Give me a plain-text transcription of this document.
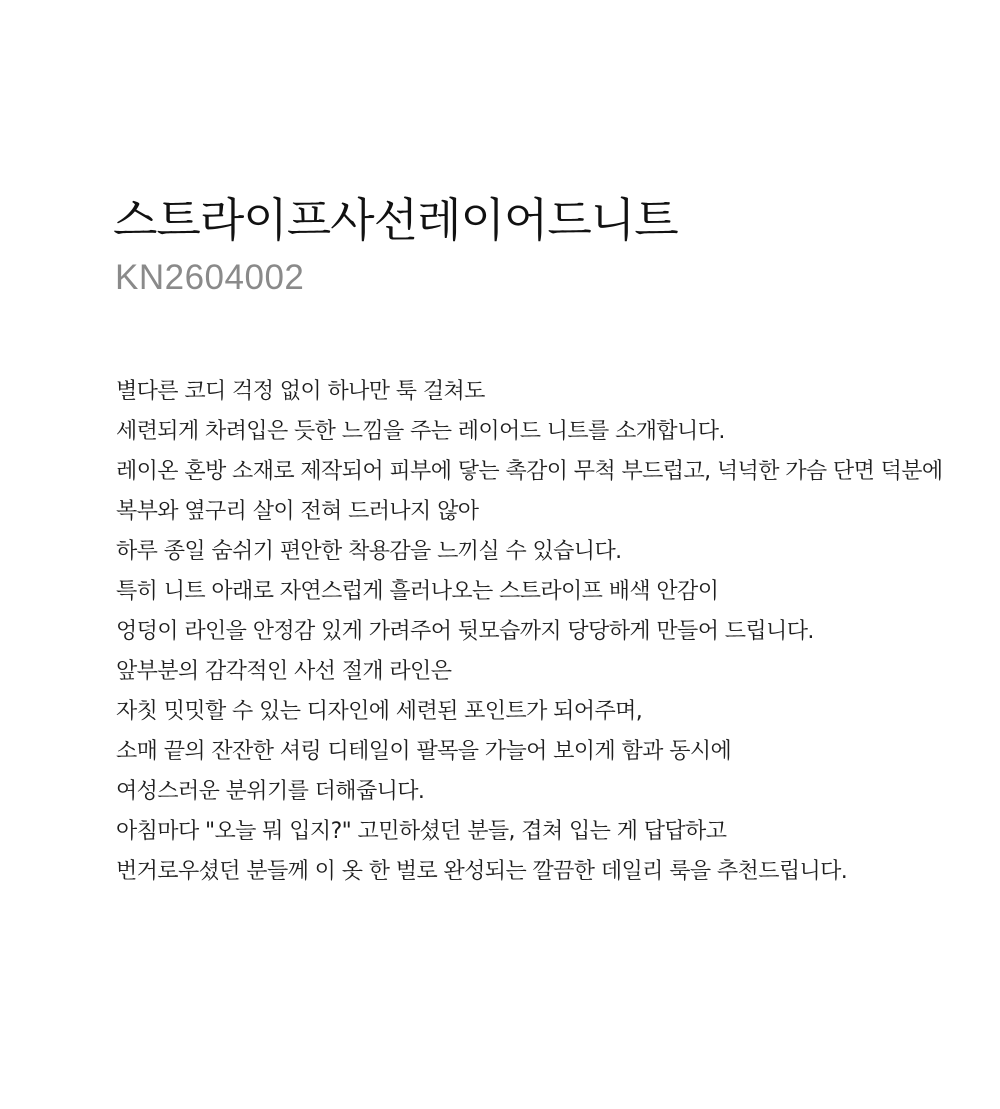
스트라이프사선레이어드니트
KN2604002

별다른 코디 걱정 없이 하나만 툭 걸쳐도

세련되게 차려입은 듯한 느낌을 주는 레이어드 니트를 소개합니다.

레이온 혼방 소재로 제작되어 피부에 닿는 촉감이 무척 부드럽고, 넉넉한 가슴 단면 덕분에

복부와 옆구리 살이 전혀 드러나지 않아

하루 종일 숨쉬기 편안한 착용감을 느끼실 수 있습니다.

특히 니트 아래로 자연스럽게 흘러나오는 스트라이프 배색 안감이

엉덩이 라인을 안정감 있게 가려주어 뒷모습까지 당당하게 만들어 드립니다.

앞부분의 감각적인 사선 절개 라인은

자칫 밋밋할 수 있는 디자인에 세련된 포인트가 되어주며,

소매 끝의 잔잔한 셔링 디테일이 팔목을 가늘어 보이게 함과 동시에

여성스러운 분위기를 더해줍니다.

아침마다 "오늘 뭐 입지?" 고민하셨던 분들, 겹쳐 입는 게 답답하고

번거로우셨던 분들께 이 옷 한 벌로 완성되는 깔끔한 데일리 룩을 추천드립니다.
